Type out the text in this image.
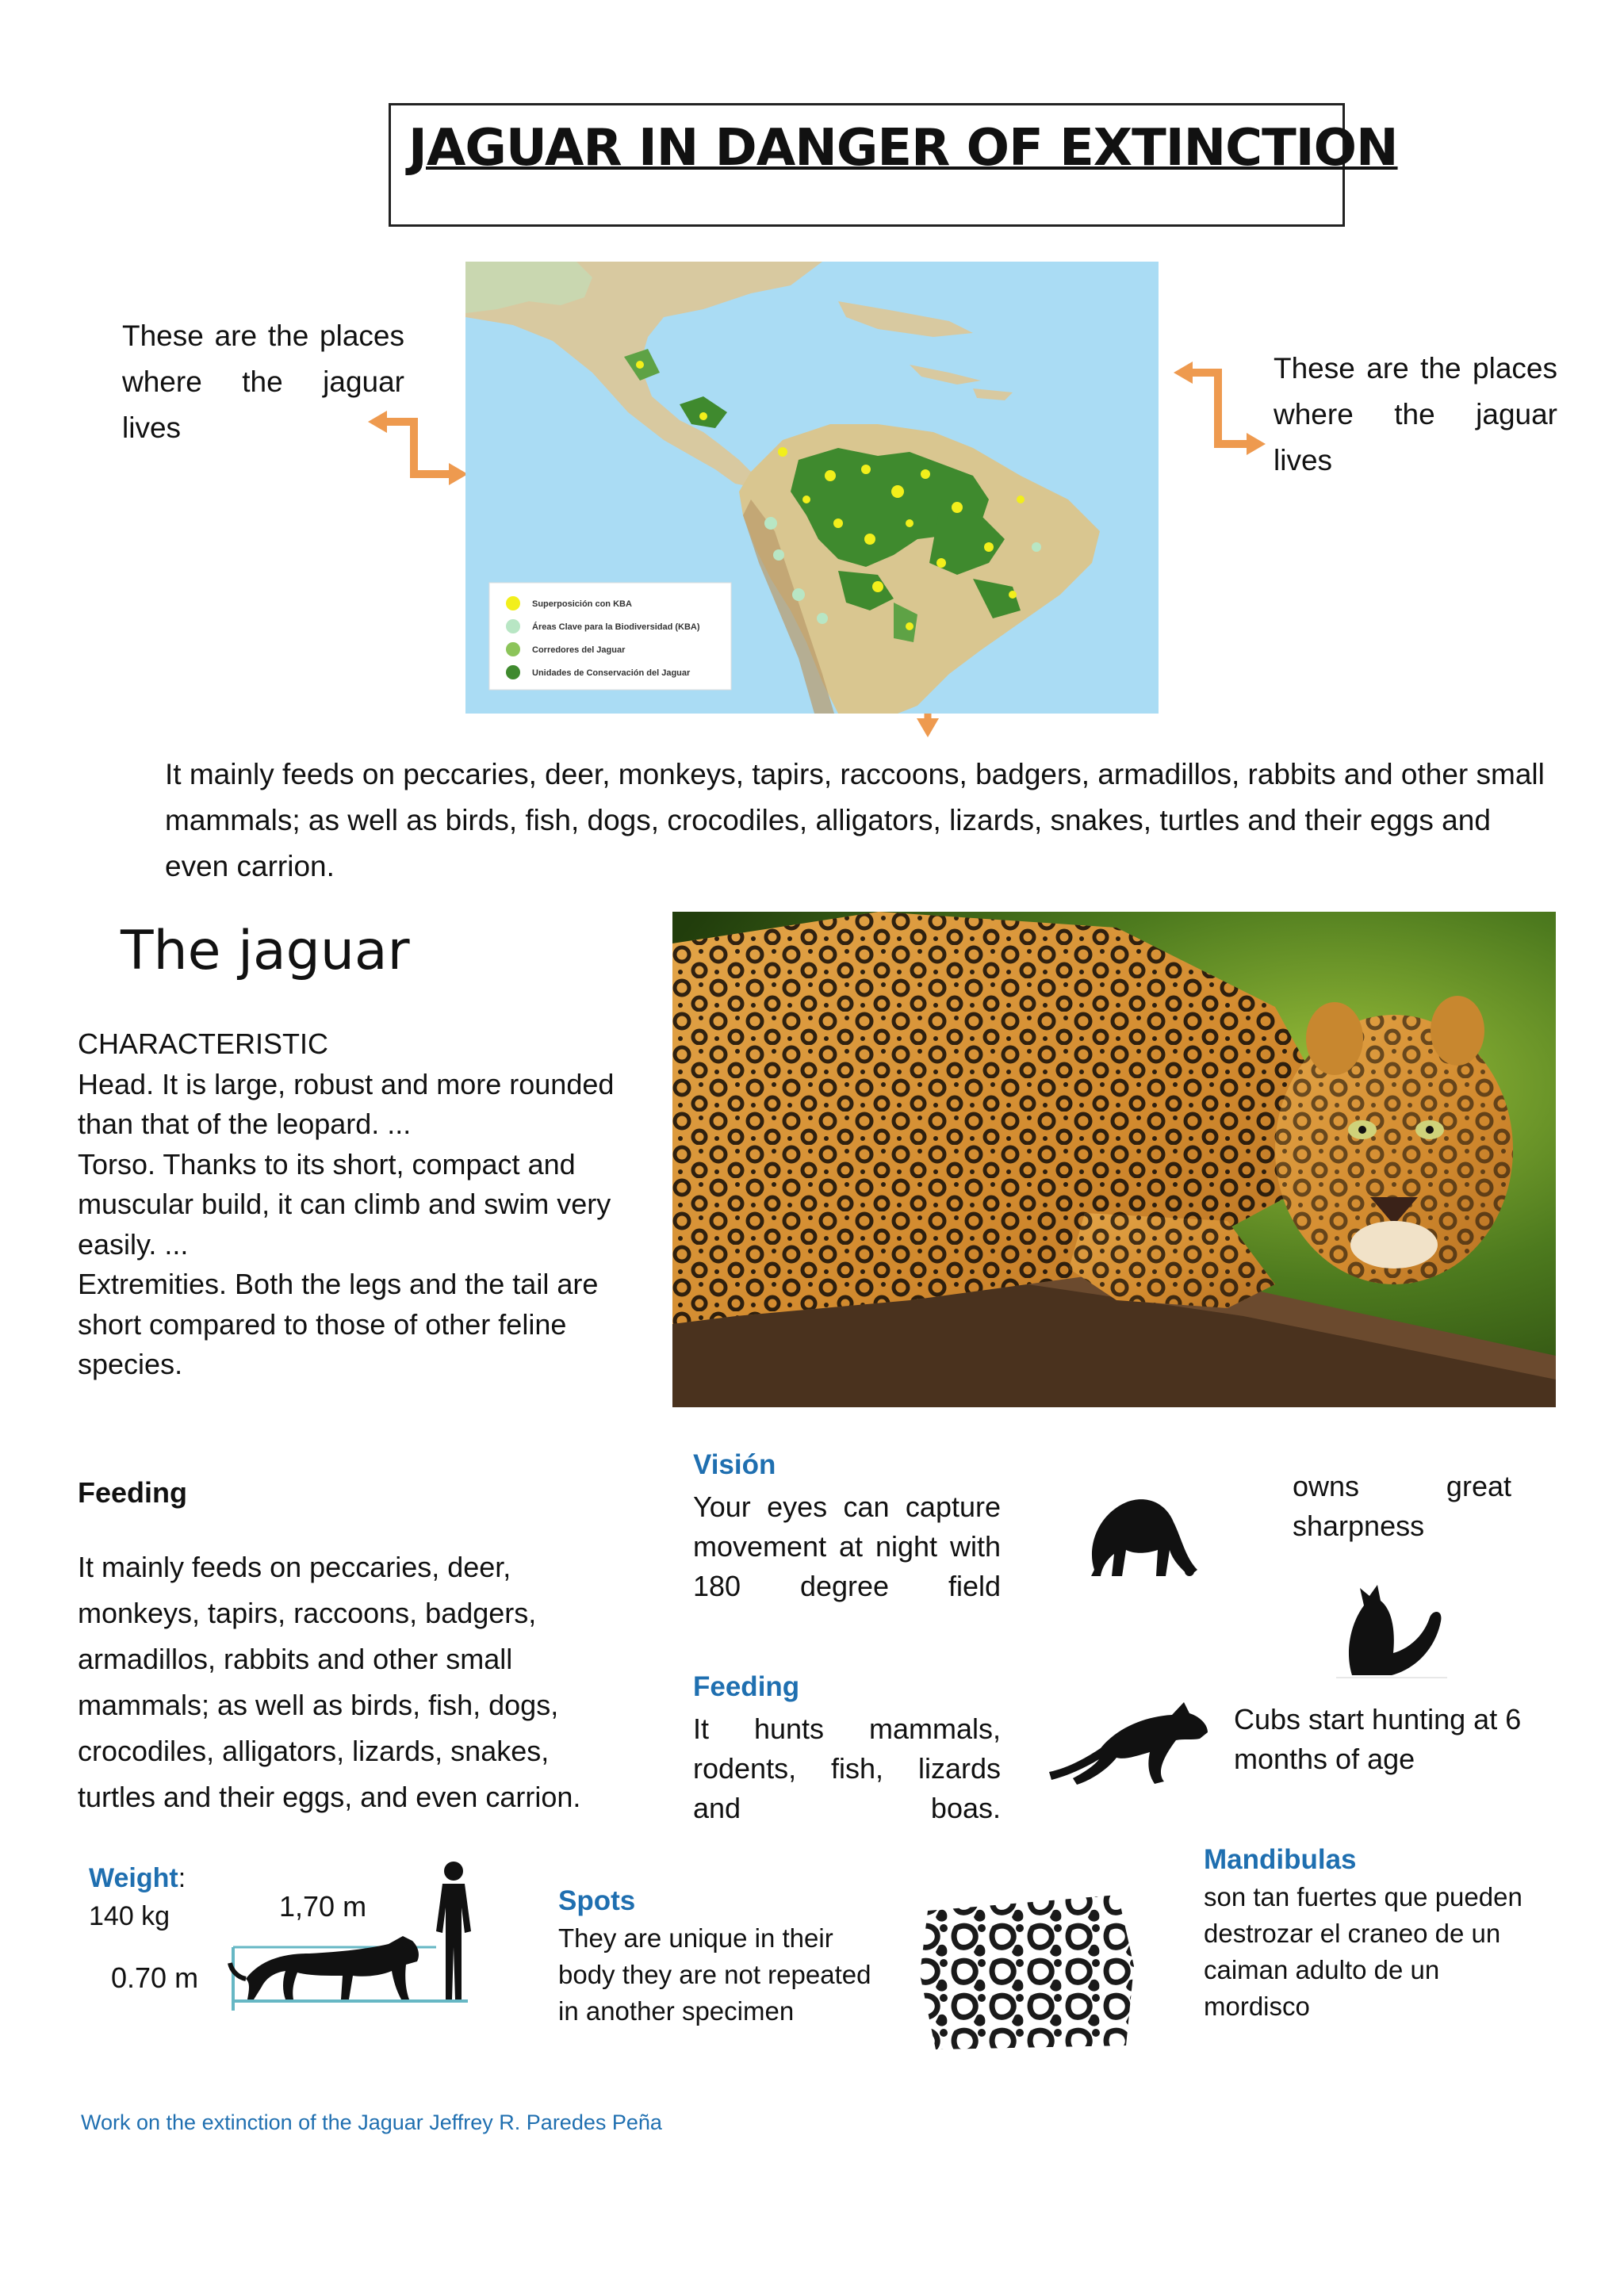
JAGUAR IN DANGER OF EXTINCTION
These are the places where the jaguar lives
These are the places where the jaguar lives
Superposición con KBA
Áreas Clave para la Biodiversidad (KBA)
Corredores del Jaguar
Unidades de Conservación del Jaguar
It mainly feeds on peccaries, deer, monkeys, tapirs, raccoons, badgers, armadillos, rabbits and other small mammals; as well as birds, fish, dogs, crocodiles, alligators, lizards, snakes, turtles and their eggs and even carrion.
The jaguar
CHARACTERISTIC
Head. It is large, robust and more rounded than that of the leopard. ...
Torso. Thanks to its short, compact and muscular build, it can climb and swim very easily. ...
Extremities. Both the legs and the tail are short compared to those of other feline species.
Feeding
It mainly feeds on peccaries, deer, monkeys, tapirs, raccoons, badgers, armadillos, rabbits and other small mammals; as well as birds, fish, dogs, crocodiles, alligators, lizards, snakes, turtles and their eggs, and even carrion.
Visión
Your eyes can capture movement at night with 180 degree field
Feeding
It hunts mammals, rodents, fish, lizards and boas.
owns great sharpness
Cubs start hunting at 6 months of age
Weight:
140 kg	1,70 m
0.70 m
Spots
They are unique in their body they are not repeated in another specimen
Mandibulas
son tan fuertes que pueden destrozar el craneo de un caiman adulto de un mordisco
Work on the extinction of the Jaguar Jeffrey R. Paredes Peña
